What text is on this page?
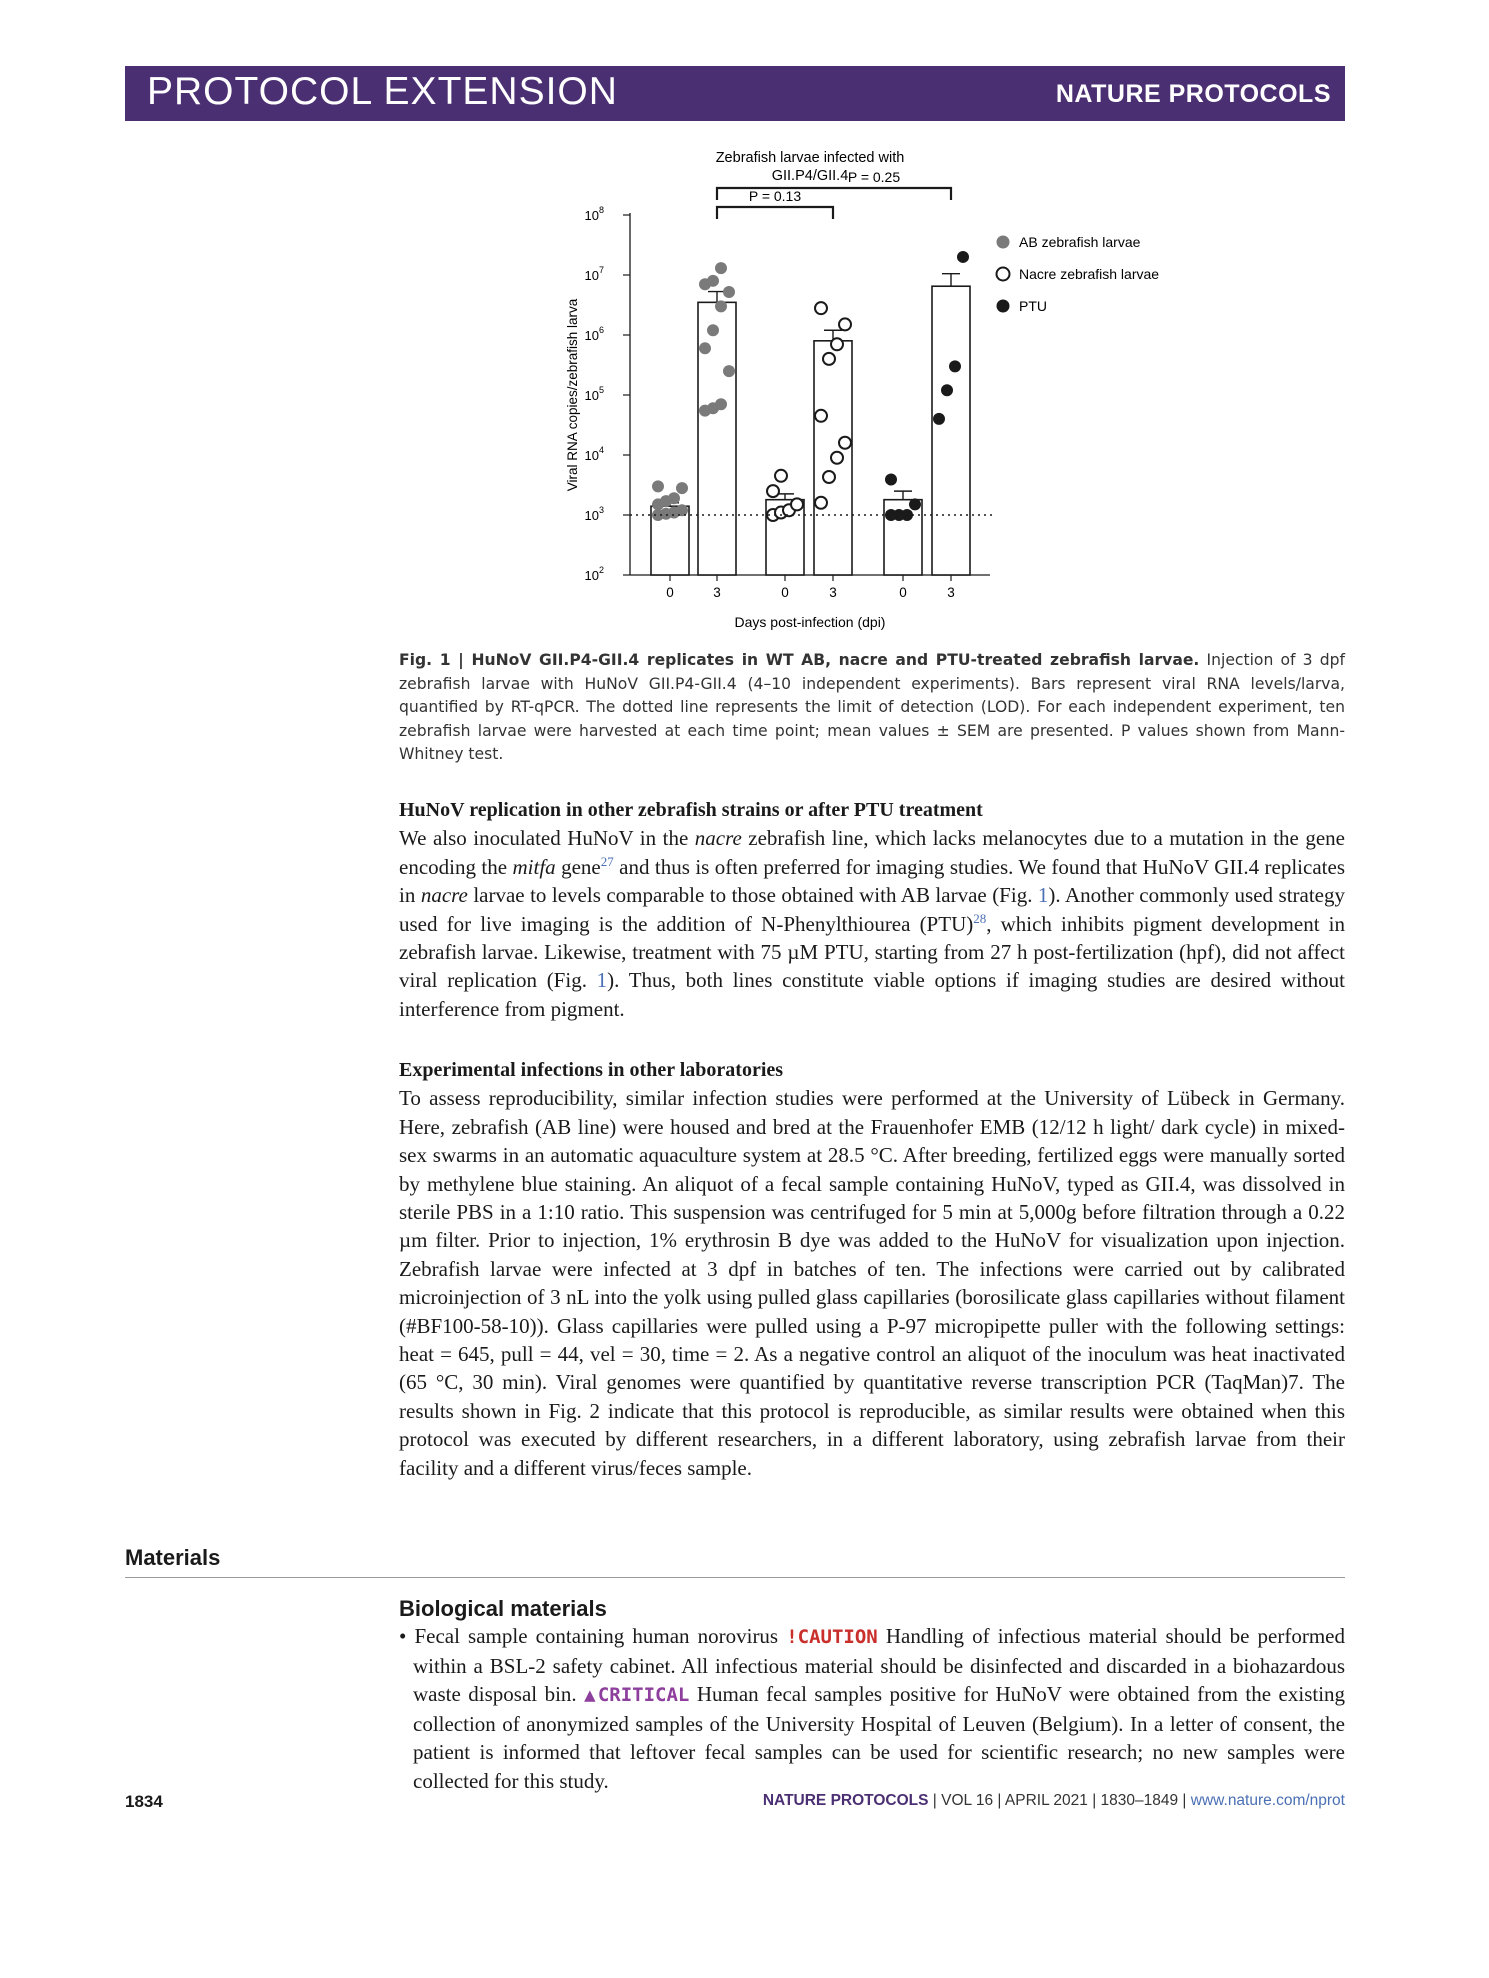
PROTOCOL EXTENSION	NATURE PROTOCOLS
Zebrafish larvae infected with
GII.P4/GII.4
$10^2$
$10^3$
$10^4$
$10^5$
$10^6$
$10^7$
$10^8$
Viral RNA copies/zebrafish larva
0	3	0	3	0	3
Days post-infection (dpi)
P = 0.13
P = 0.25
AB zebrafish larvae
Nacre zebrafish larvae
PTU
Fig. 1 | HuNoV GII.P4-GII.4 replicates in WT AB, nacre and PTU-treated zebrafish larvae. Injection of 3 dpf zebrafish larvae with HuNoV GII.P4-GII.4 (4–10 independent experiments). Bars represent viral RNA levels/larva, quantified by RT-qPCR. The dotted line represents the limit of detection (LOD). For each independent experiment, ten zebrafish larvae were harvested at each time point; mean values ± SEM are presented. P values shown from Mann-Whitney test.
HuNoV replication in other zebrafish strains or after PTU treatment
We also inoculated HuNoV in the nacre zebrafish line, which lacks melanocytes due to a mutation in the gene encoding the mitfa gene$^{27}$ and thus is often preferred for imaging studies. We found that HuNoV GII.4 replicates in nacre larvae to levels comparable to those obtained with AB larvae (Fig. 1). Another commonly used strategy used for live imaging is the addition of N-Phenylthiourea (PTU)$^{28}$, which inhibits pigment development in zebrafish larvae. Likewise, treatment with 75 µM PTU, starting from 27 h post-fertilization (hpf), did not affect viral replication (Fig. 1). Thus, both lines constitute viable options if imaging studies are desired without interference from pigment.
Experimental infections in other laboratories
To assess reproducibility, similar infection studies were performed at the University of Lübeck in Germany. Here, zebrafish (AB line) were housed and bred at the Frauenhofer EMB (12/12 h light/ dark cycle) in mixed-sex swarms in an automatic aquaculture system at 28.5 °C. After breeding, fertilized eggs were manually sorted by methylene blue staining. An aliquot of a fecal sample containing HuNoV, typed as GII.4, was dissolved in sterile PBS in a 1:10 ratio. This suspension was centrifuged for 5 min at 5,000g before filtration through a 0.22 µm filter. Prior to injection, 1% erythrosin B dye was added to the HuNoV for visualization upon injection. Zebrafish larvae were infected at 3 dpf in batches of ten. The infections were carried out by calibrated microinjection of 3 nL into the yolk using pulled glass capillaries (borosilicate glass capillaries without filament (#BF100-58-10)). Glass capillaries were pulled using a P-97 micropipette puller with the following settings: heat = 645, pull = 44, vel = 30, time = 2. As a negative control an aliquot of the inoculum was heat inactivated (65 °C, 30 min). Viral genomes were quantified by quantitative reverse transcription PCR (TaqMan)7. The results shown in Fig. 2 indicate that this protocol is reproducible, as similar results were obtained when this protocol was executed by different researchers, in a different laboratory, using zebrafish larvae from their facility and a different virus/feces sample.
Materials
Biological materials
• Fecal sample containing human norovirus !CAUTION Handling of infectious material should be performed within a BSL-2 safety cabinet. All infectious material should be disinfected and discarded in a biohazardous waste disposal bin. ▲CRITICAL Human fecal samples positive for HuNoV were obtained from the existing collection of anonymized samples of the University Hospital of Leuven (Belgium). In a letter of consent, the patient is informed that leftover fecal samples can be used for scientific research; no new samples were collected for this study.
1834	NATURE PROTOCOLS | VOL 16 | APRIL 2021 | 1830–1849 | www.nature.com/nprot
